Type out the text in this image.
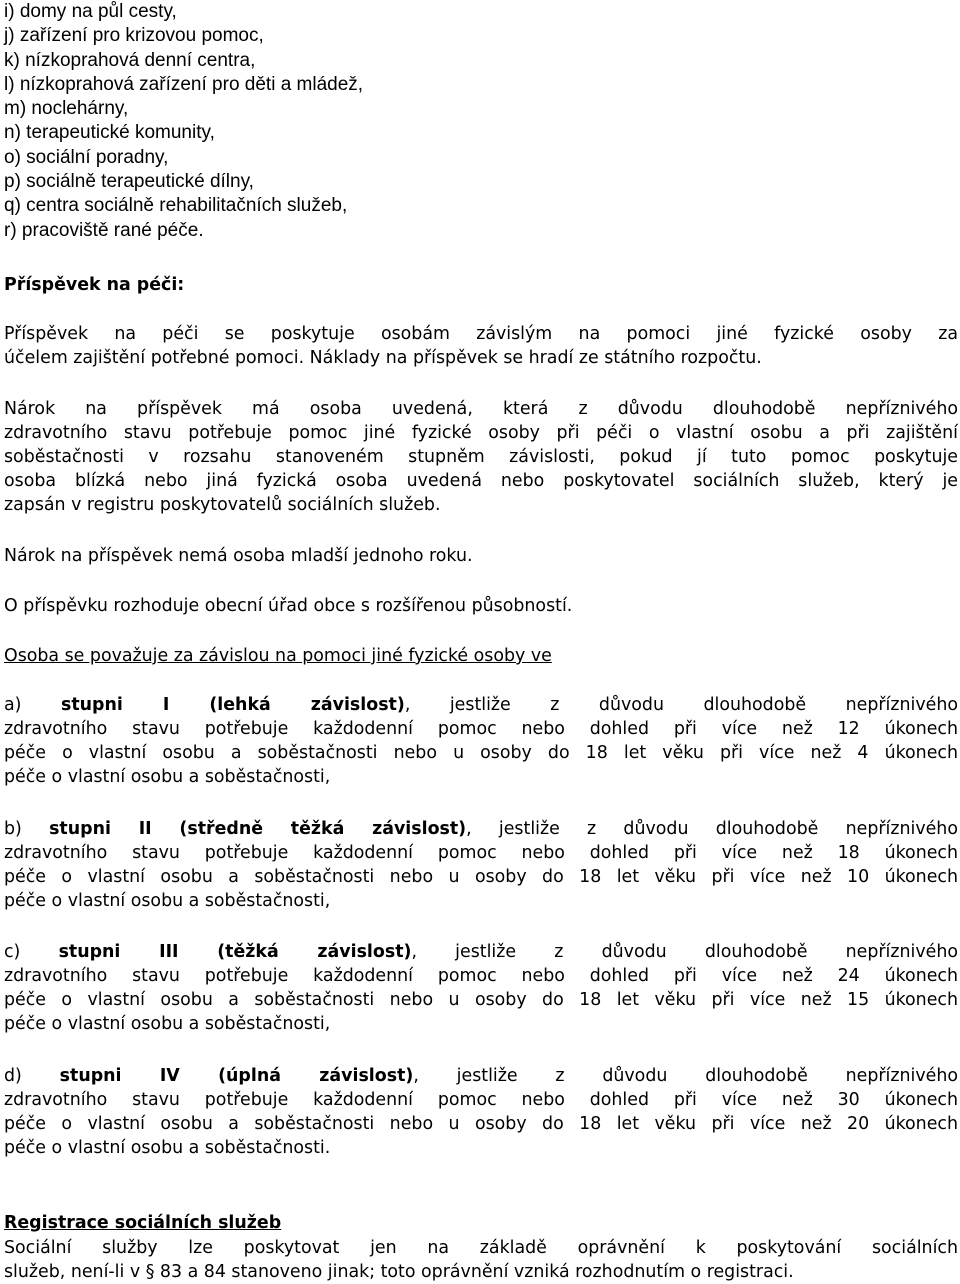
i) domy na půl cesty,
j) zařízení pro krizovou pomoc,
k) nízkoprahová denní centra,
l) nízkoprahová zařízení pro děti a mládež,
m) noclehárny,
n) terapeutické komunity,
o) sociální poradny,
p) sociálně terapeutické dílny,
q) centra sociálně rehabilitačních služeb,
r) pracoviště rané péče.
Příspěvek na péči:
Příspěvek na péči se poskytuje osobám závislým na pomoci jiné fyzické osoby za
účelem zajištění potřebné pomoci. Náklady na příspěvek se hradí ze státního rozpočtu.
Nárok na příspěvek má osoba uvedená, která z důvodu dlouhodobě nepříznivého
zdravotního stavu potřebuje pomoc jiné fyzické osoby při péči o vlastní osobu a při zajištění
soběstačnosti v rozsahu stanoveném stupněm závislosti, pokud jí tuto pomoc poskytuje
osoba blízká nebo jiná fyzická osoba uvedená nebo poskytovatel sociálních služeb, který je
zapsán v registru poskytovatelů sociálních služeb.
Nárok na příspěvek nemá osoba mladší jednoho roku.
O příspěvku rozhoduje obecní úřad obce s rozšířenou působností.
Osoba se považuje za závislou na pomoci jiné fyzické osoby ve
a) stupni I (lehká závislost), jestliže z důvodu dlouhodobě nepříznivého
zdravotního stavu potřebuje každodenní pomoc nebo dohled při více než 12 úkonech
péče o vlastní osobu a soběstačnosti nebo u osoby do 18 let věku při více než 4 úkonech
péče o vlastní osobu a soběstačnosti,
b) stupni II (středně těžká závislost), jestliže z důvodu dlouhodobě nepříznivého
zdravotního stavu potřebuje každodenní pomoc nebo dohled při více než 18 úkonech
péče o vlastní osobu a soběstačnosti nebo u osoby do 18 let věku při více než 10 úkonech
péče o vlastní osobu a soběstačnosti,
c) stupni III (těžká závislost), jestliže z důvodu dlouhodobě nepříznivého
zdravotního stavu potřebuje každodenní pomoc nebo dohled při více než 24 úkonech
péče o vlastní osobu a soběstačnosti nebo u osoby do 18 let věku při více než 15 úkonech
péče o vlastní osobu a soběstačnosti,
d) stupni IV (úplná závislost), jestliže z důvodu dlouhodobě nepříznivého
zdravotního stavu potřebuje každodenní pomoc nebo dohled při více než 30 úkonech
péče o vlastní osobu a soběstačnosti nebo u osoby do 18 let věku při více než 20 úkonech
péče o vlastní osobu a soběstačnosti.
Registrace sociálních služeb
Sociální služby lze poskytovat jen na základě oprávnění k poskytování sociálních
služeb, není-li v § 83 a 84 stanoveno jinak; toto oprávnění vzniká rozhodnutím o registraci.
